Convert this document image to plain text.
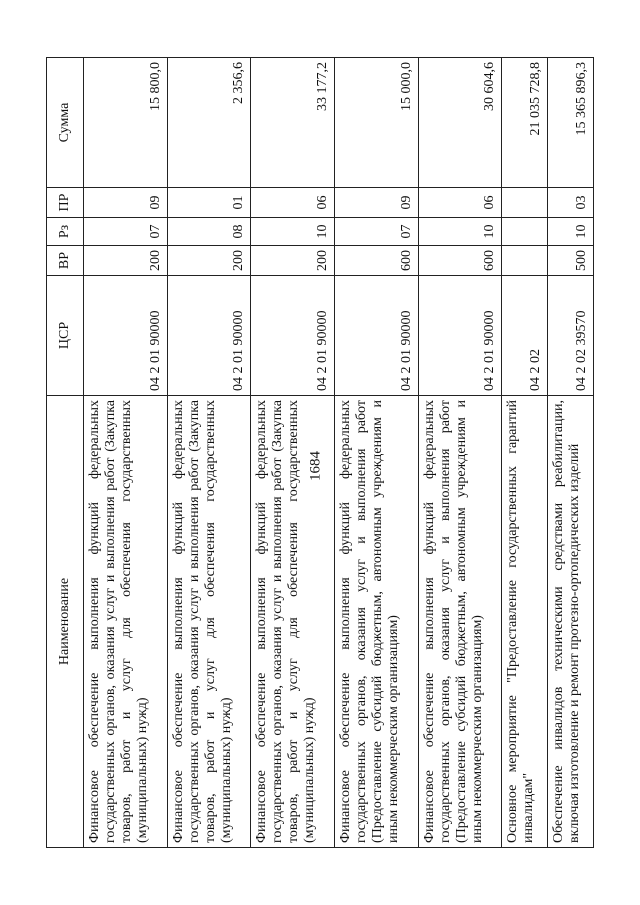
1684
Наименование	ЦСР	ВР	Рз	ПР	Сумма
Финансовое обеспечение выполнения функций федеральных государственных органов, оказания услуг и выполнения работ (Закупка товаров, работ и услуг для обеспечения государственных (муниципальных) нужд)	04 2 01 90000	200	07	09	15 800,0
Финансовое обеспечение выполнения функций федеральных государственных органов, оказания услуг и выполнения работ (Закупка товаров, работ и услуг для обеспечения государственных (муниципальных) нужд)	04 2 01 90000	200	08	01	2 356,6
Финансовое обеспечение выполнения функций федеральных государственных органов, оказания услуг и выполнения работ (Закупка товаров, работ и услуг для обеспечения государственных (муниципальных) нужд)	04 2 01 90000	200	10	06	33 177,2
Финансовое обеспечение выполнения функций федеральных государственных органов, оказания услуг и выполнения работ (Предоставление субсидий бюджетным, автономным учреждениям и иным некоммерческим организациям)	04 2 01 90000	600	07	09	15 000,0
Финансовое обеспечение выполнения функций федеральных государственных органов, оказания услуг и выполнения работ (Предоставление субсидий бюджетным, автономным учреждениям и иным некоммерческим организациям)	04 2 01 90000	600	10	06	30 604,6
Основное мероприятие "Предоставление государственных гарантий инвалидам"	04 2 02				21 035 728,8
Обеспечение инвалидов техническими средствами реабилитации, включая изготовление и ремонт протезно-ортопедических изделий	04 2 02 39570	500	10	03	15 365 896,3
